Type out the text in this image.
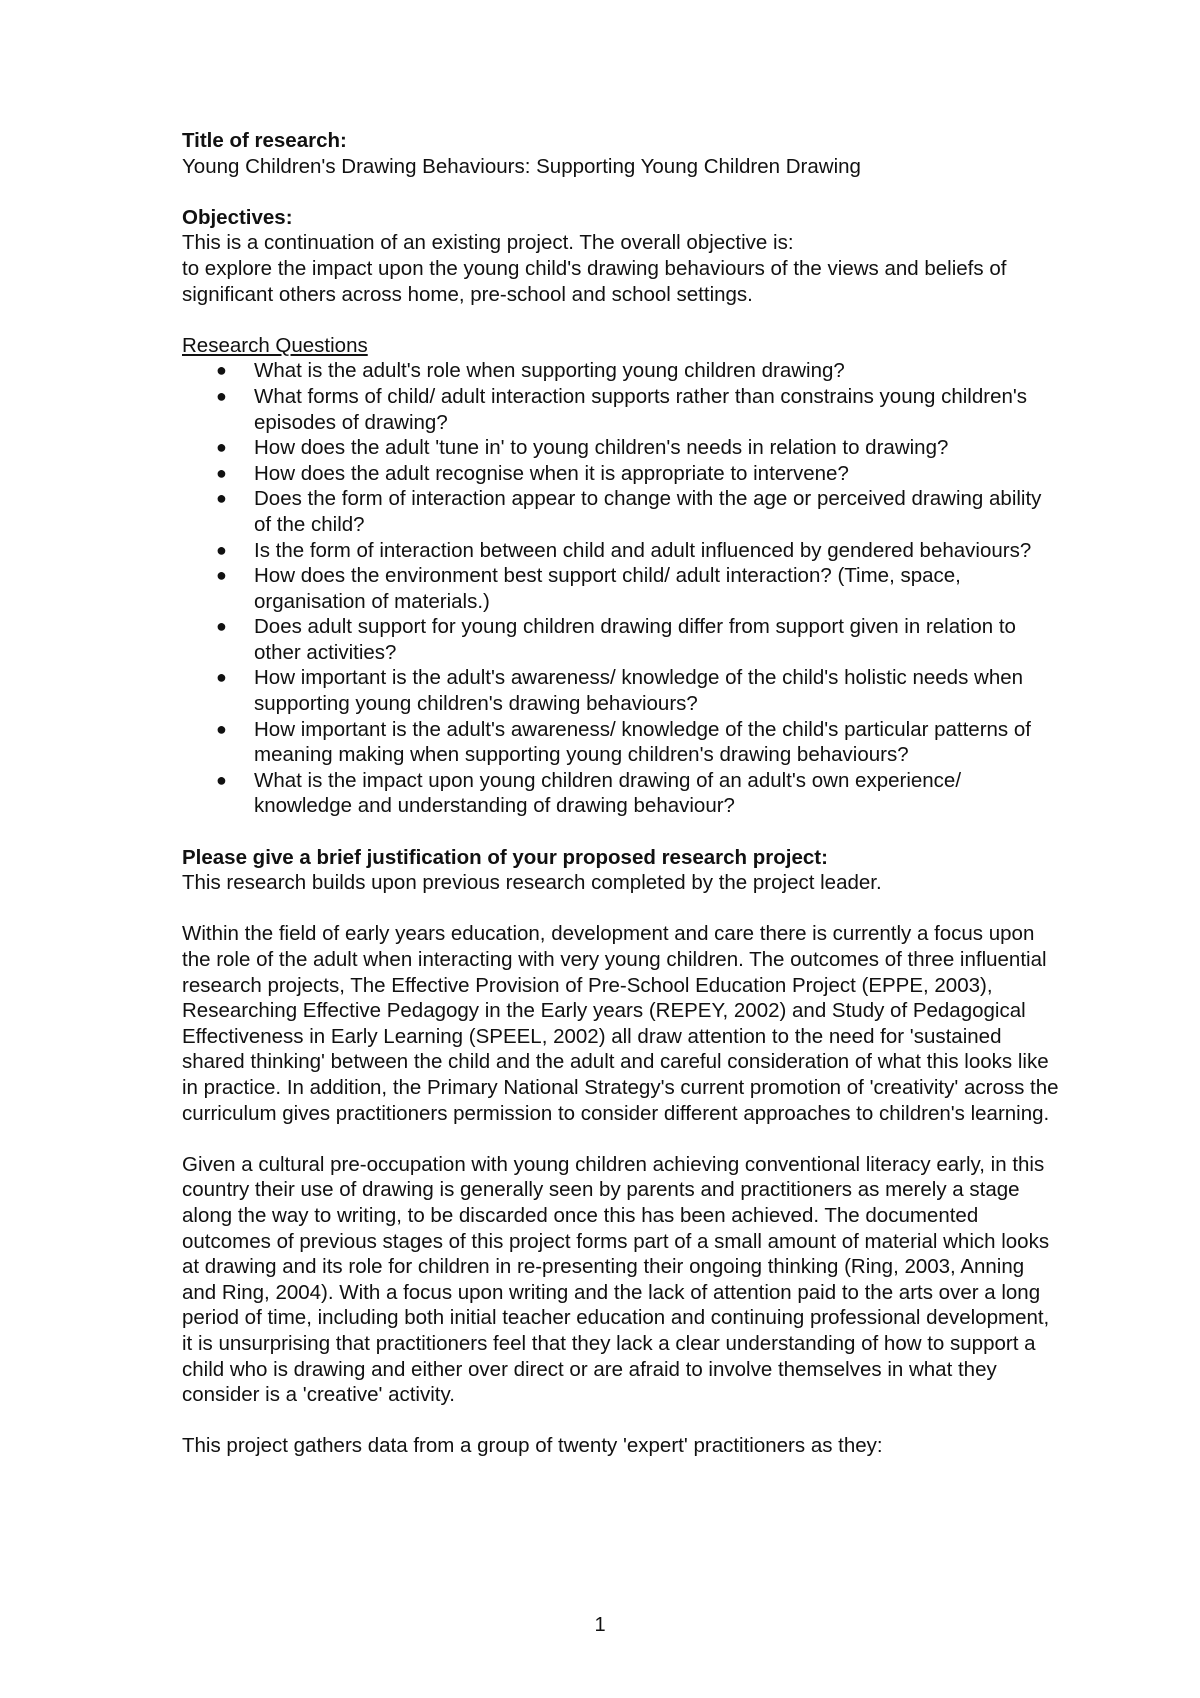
Title of research:

Young Children's Drawing Behaviours: Supporting Young Children Drawing

Objectives:

This is a continuation of an existing project. The overall objective is:

to explore the impact upon the young child's drawing behaviours of the views and beliefs of significant others across home, pre-school and school settings.

Research Questions

● What is the adult's role when supporting young children drawing?
● What forms of child/ adult interaction supports rather than constrains young children's episodes of drawing?
● How does the adult 'tune in' to young children's needs in relation to drawing?
● How does the adult recognise when it is appropriate to intervene?
● Does the form of interaction appear to change with the age or perceived drawing ability of the child?
● Is the form of interaction between child and adult influenced by gendered behaviours?
● How does the environment best support child/ adult interaction? (Time, space, organisation of materials.)
● Does adult support for young children drawing differ from support given in relation to other activities?
● How important is the adult's awareness/ knowledge of the child's holistic needs when supporting young children's drawing behaviours?
● How important is the adult's awareness/ knowledge of the child's particular patterns of meaning making when supporting young children's drawing behaviours?
● What is the impact upon young children drawing of an adult's own experience/ knowledge and understanding of drawing behaviour?

Please give a brief justification of your proposed research project:

This research builds upon previous research completed by the project leader.

Within the field of early years education, development and care there is currently a focus upon the role of the adult when interacting with very young children. The outcomes of three influential research projects, The Effective Provision of Pre-School Education Project (EPPE, 2003), Researching Effective Pedagogy in the Early years (REPEY, 2002) and Study of Pedagogical Effectiveness in Early Learning (SPEEL, 2002) all draw attention to the need for 'sustained shared thinking' between the child and the adult and careful consideration of what this looks like in practice. In addition, the Primary National Strategy's current promotion of 'creativity' across the curriculum gives practitioners permission to consider different approaches to children's learning.

Given a cultural pre-occupation with young children achieving conventional literacy early, in this country their use of drawing is generally seen by parents and practitioners as merely a stage along the way to writing, to be discarded once this has been achieved. The documented outcomes of previous stages of this project forms part of a small amount of material which looks at drawing and its role for children in re-presenting their ongoing thinking (Ring, 2003, Anning and Ring, 2004). With a focus upon writing and the lack of attention paid to the arts over a long period of time, including both initial teacher education and continuing professional development, it is unsurprising that practitioners feel that they lack a clear understanding of how to support a child who is drawing and either over direct or are afraid to involve themselves in what they consider is a 'creative' activity.

This project gathers data from a group of twenty 'expert' practitioners as they:

1
